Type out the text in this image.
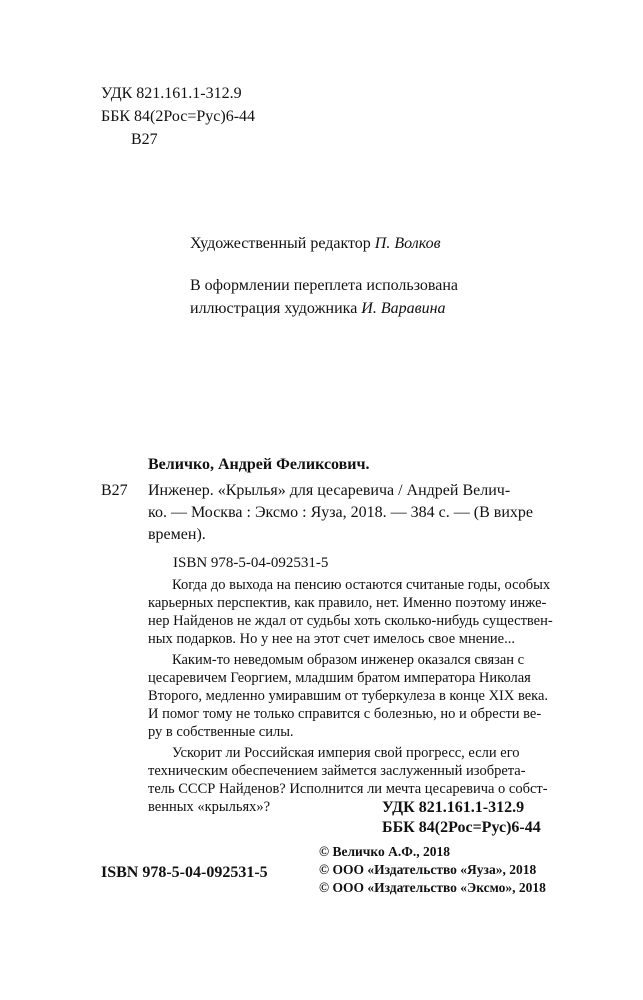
УДК 821.161.1-312.9
ББК 84(2Рос=Рус)6-44
В27
Художественный редактор П. Волков
В оформлении переплета использована
иллюстрация художника И. Варавина
Величко, Андрей Феликсович.
В27 Инженер. «Крылья» для цесаревича / Андрей Велич-
ко. — Москва : Эксмо : Яуза, 2018. — 384 с. — (В вихре
времен).
ISBN 978-5-04-092531-5
Когда до выхода на пенсию остаются считаные годы, особых
карьерных перспектив, как правило, нет. Именно поэтому инже-
нер Найденов не ждал от судьбы хоть сколько-нибудь существен-
ных подарков. Но у нее на этот счет имелось свое мнение...
Каким-то неведомым образом инженер оказался связан с
цесаревичем Георгием, младшим братом императора Николая
Второго, медленно умиравшим от туберкулеза в конце XIX века.
И помог тому не только справится с болезнью, но и обрести ве-
ру в собственные силы.
Ускорит ли Российская империя свой прогресс, если его
техническим обеспечением займется заслуженный изобрета-
тель СССР Найденов? Исполнится ли мечта цесаревича о собст-
венных «крыльях»?	УДК 821.161.1-312.9
ББК 84(2Рос=Рус)6-44
ISBN 978-5-04-092531-5
© Величко А.Ф., 2018
© ООО «Издательство «Яуза», 2018
© ООО «Издательство «Эксмо», 2018
